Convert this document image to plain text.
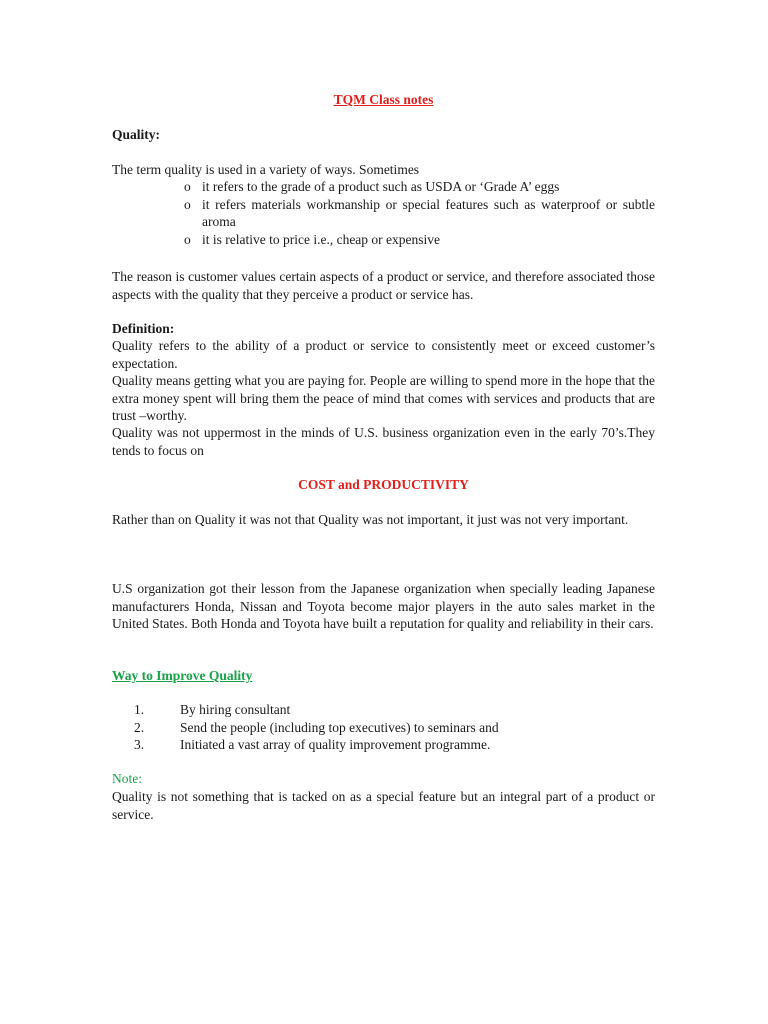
TQM Class notes
Quality:
The term quality is used in a variety of ways. Sometimes
o it refers to the grade of a product such as USDA or ‘Grade A’ eggs
o it refers materials workmanship or special features such as waterproof or subtle aroma
o it is relative to price i.e., cheap or expensive
The reason is customer values certain aspects of a product or service, and therefore associated those aspects with the quality that they perceive a product or service has.
Definition:
Quality refers to the ability of a product or service to consistently meet or exceed customer’s expectation.
Quality means getting what you are paying for. People are willing to spend more in the hope that the extra money spent will bring them the peace of mind that comes with services and products that are trust –worthy.
Quality was not uppermost in the minds of U.S. business organization even in the early 70’s.They tends to focus on
COST and PRODUCTIVITY
Rather than on Quality it was not that Quality was not important, it just was not very important.
U.S organization got their lesson from the Japanese organization when specially leading Japanese manufacturers Honda, Nissan and Toyota become major players in the auto sales market in the United States. Both Honda and Toyota have built a reputation for quality and reliability in their cars.
Way to Improve Quality
1.	By hiring consultant
2.	Send the people (including top executives) to seminars and
3.	Initiated a vast array of quality improvement programme.
Note:
Quality is not something that is tacked on as a special feature but an integral part of a product or service.
